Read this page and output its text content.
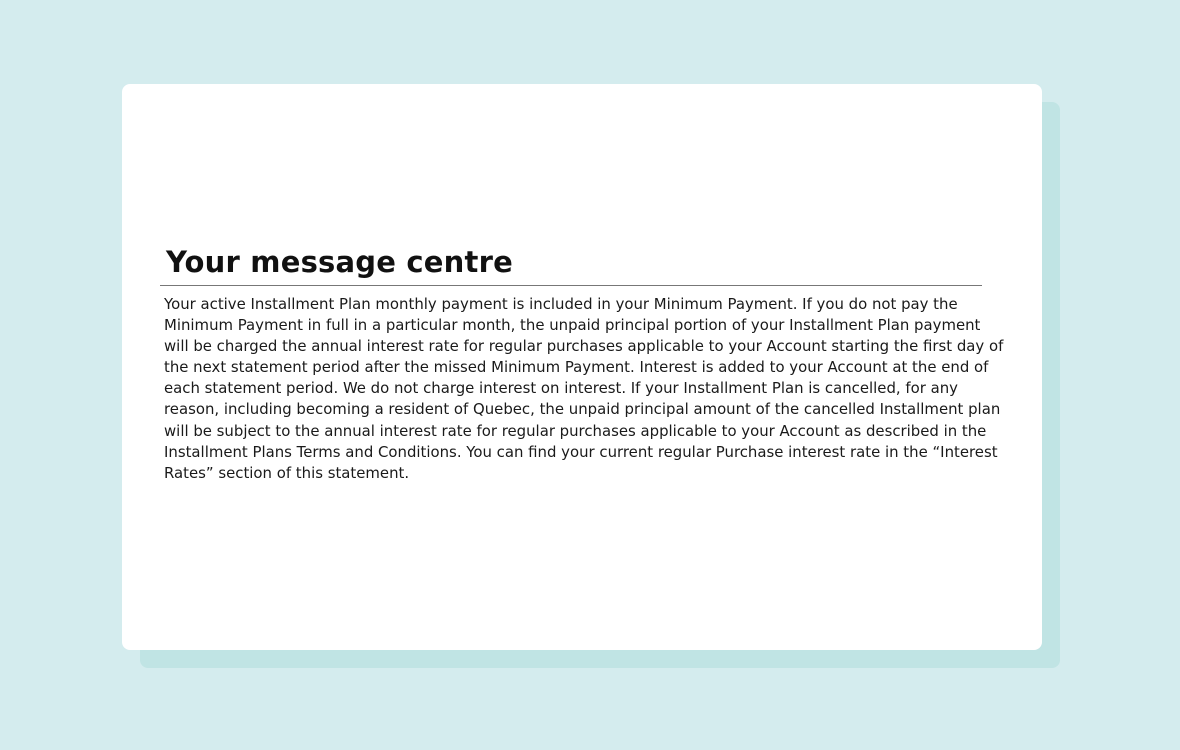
Your message centre

Your active Installment Plan monthly payment is included in your Minimum Payment. If you do not pay the Minimum Payment in full in a particular month, the unpaid principal portion of your Installment Plan payment will be charged the annual interest rate for regular purchases applicable to your Account starting the first day of the next statement period after the missed Minimum Payment. Interest is added to your Account at the end of each statement period. We do not charge interest on interest. If your Installment Plan is cancelled, for any reason, including becoming a resident of Quebec, the unpaid principal amount of the cancelled Installment plan will be subject to the annual interest rate for regular purchases applicable to your Account as described in the Installment Plans Terms and Conditions. You can find your current regular Purchase interest rate in the “Interest Rates” section of this statement.
